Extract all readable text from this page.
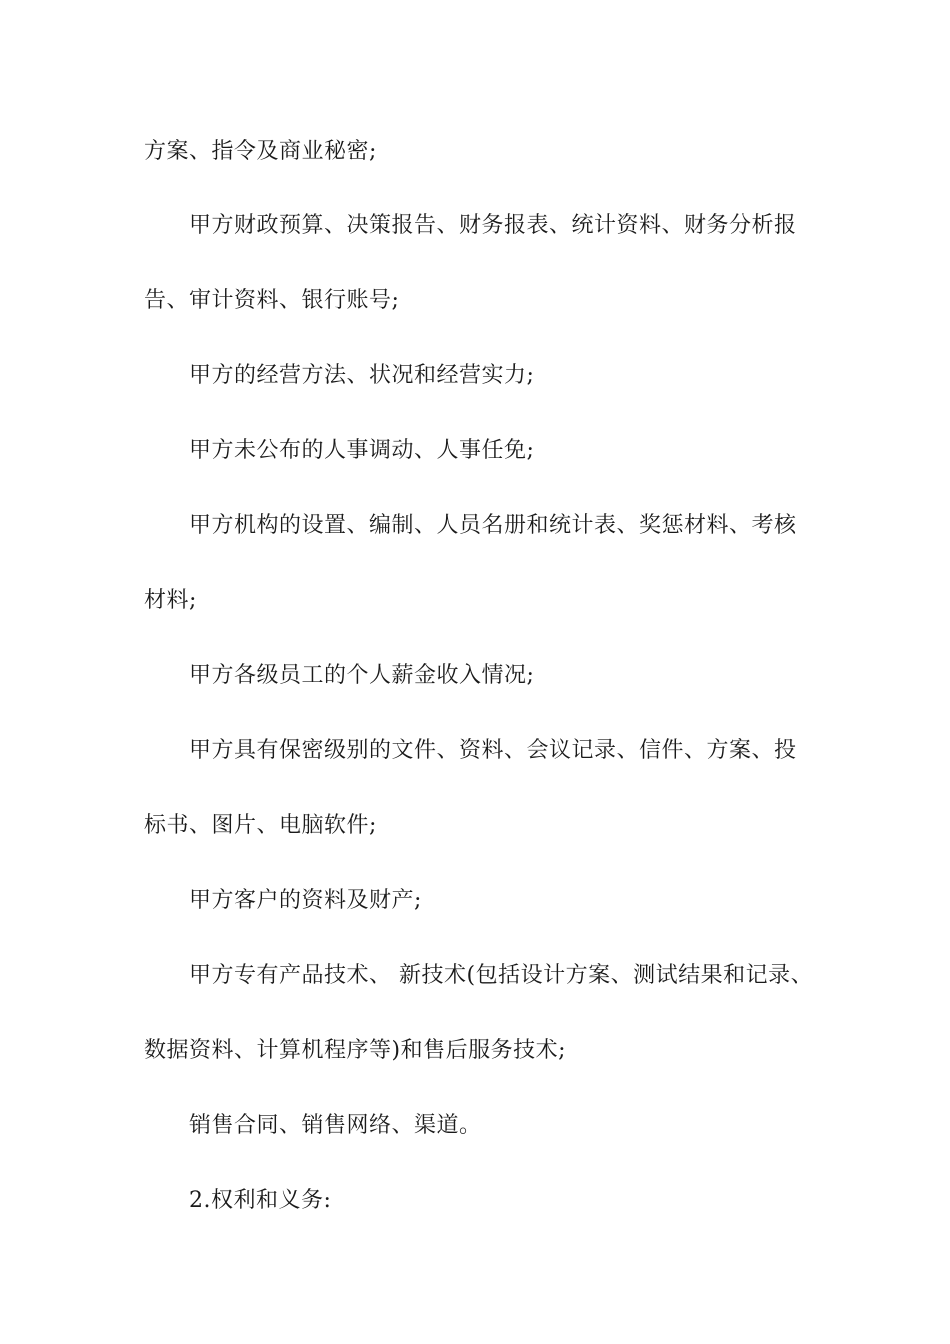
方案、指令及商业秘密;
甲方财政预算、决策报告、财务报表、统计资料、财务分析报
告、审计资料、银行账号;
甲方的经营方法、状况和经营实力;
甲方未公布的人事调动、人事任免;
甲方机构的设置、编制、人员名册和统计表、奖惩材料、考核
材料;
甲方各级员工的个人薪金收入情况;
甲方具有保密级别的文件、资料、会议记录、信件、方案、投
标书、图片、电脑软件;
甲方客户的资料及财产;
甲方专有产品技术、 新技术(包括设计方案、测试结果和记录、
数据资料、计算机程序等)和售后服务技术;
销售合同、销售网络、渠道。
2.权利和义务:
